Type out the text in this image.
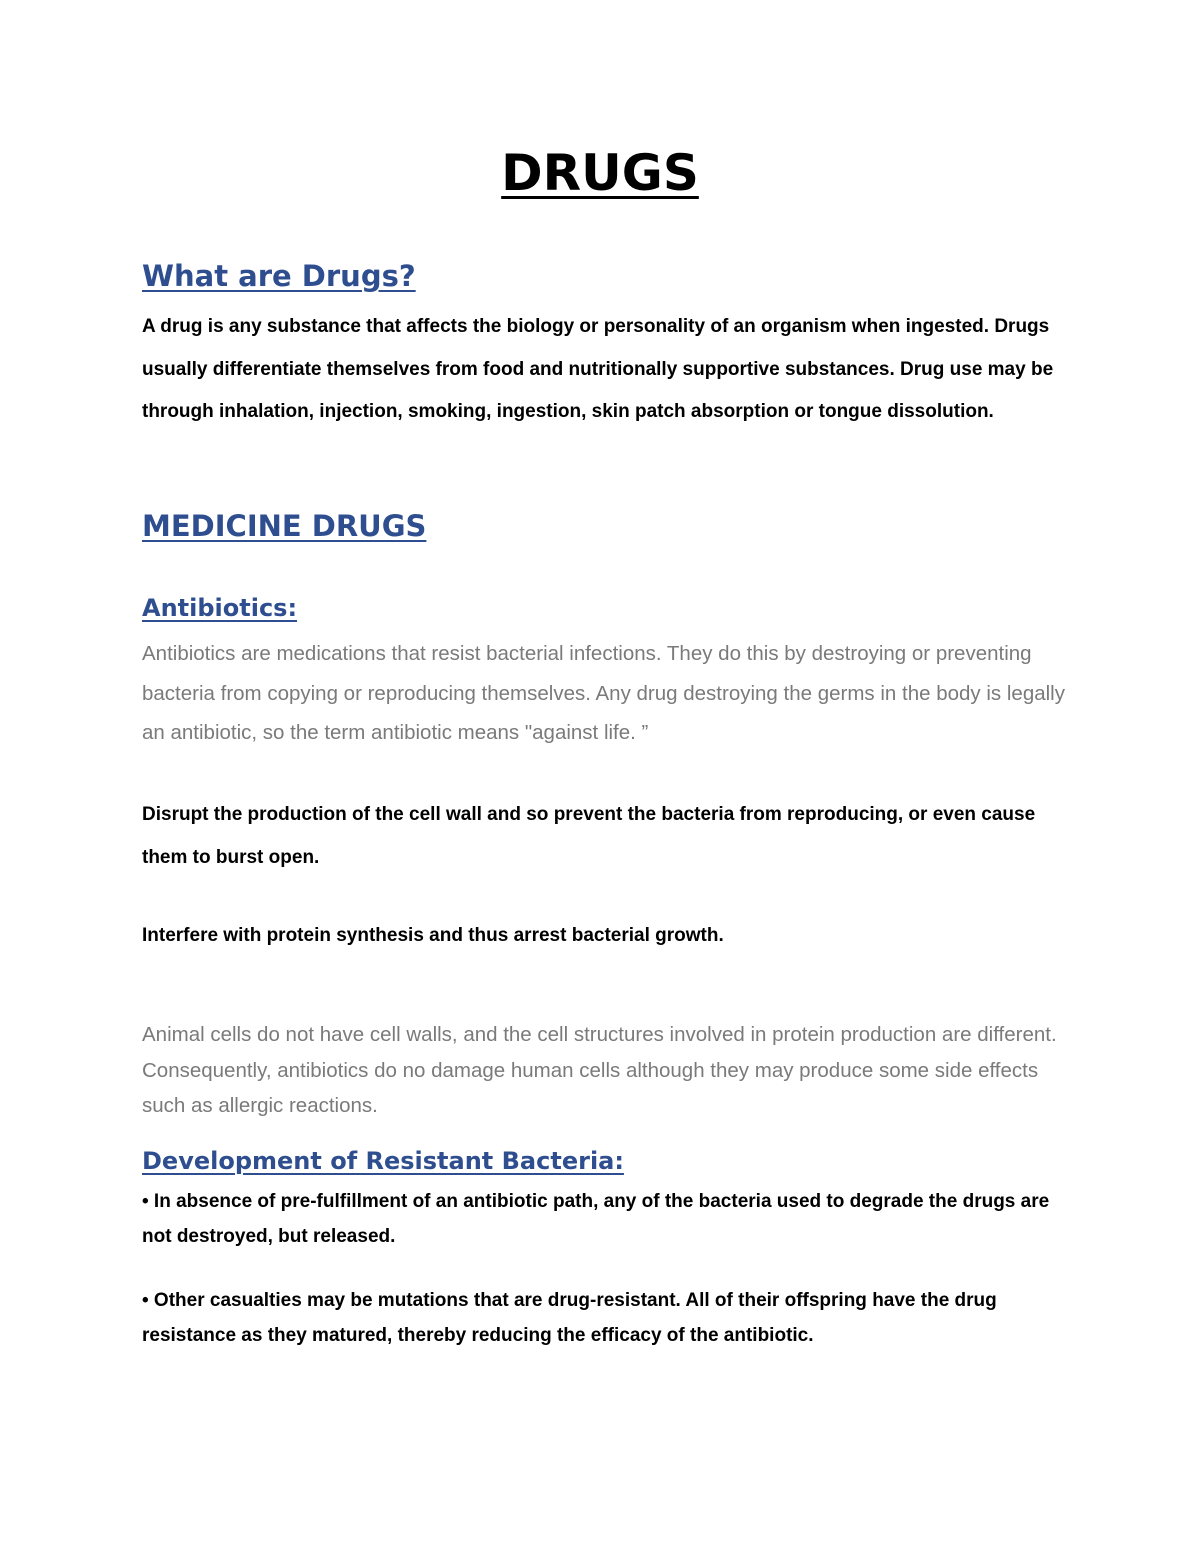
DRUGS
What are Drugs?

A drug is any substance that affects the biology or personality of an organism when ingested. Drugs usually differentiate themselves from food and nutritionally supportive substances. Drug use may be through inhalation, injection, smoking, ingestion, skin patch absorption or tongue dissolution.

MEDICINE DRUGS
Antibiotics:

Antibiotics are medications that resist bacterial infections. They do this by destroying or preventing bacteria from copying or reproducing themselves. Any drug destroying the germs in the body is legally an antibiotic, so the term antibiotic means "against life. ”

Disrupt the production of the cell wall and so prevent the bacteria from reproducing, or even cause them to burst open.

Interfere with protein synthesis and thus arrest bacterial growth.

Animal cells do not have cell walls, and the cell structures involved in protein production are different. Consequently, antibiotics do no damage human cells although they may produce some side effects such as allergic reactions.

Development of Resistant Bacteria:

• In absence of pre-fulfillment of an antibiotic path, any of the bacteria used to degrade the drugs are not destroyed, but released.

• Other casualties may be mutations that are drug-resistant. All of their offspring have the drug resistance as they matured, thereby reducing the efficacy of the antibiotic.
